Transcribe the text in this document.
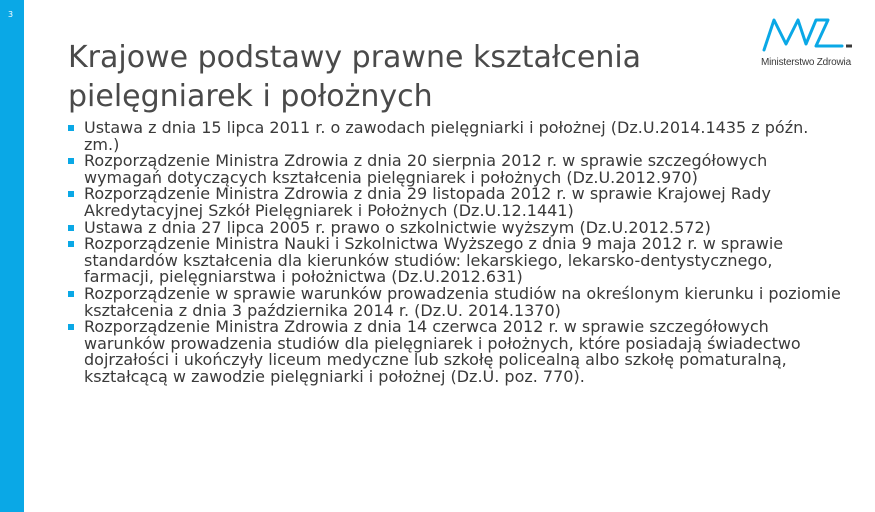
3
Krajowe podstawy prawne kształcenia
pielęgniarek i położnych
Ministerstwo Zdrowia
Ustawa z dnia 15 lipca 2011 r. o zawodach pielęgniarki i położnej (Dz.U.2014.1435 z późn. zm.)
Rozporządzenie Ministra Zdrowia z dnia 20 sierpnia 2012 r. w sprawie szczegółowych wymagań dotyczących kształcenia pielęgniarek i położnych (Dz.U.2012.970)
Rozporządzenie Ministra Zdrowia z dnia 29 listopada 2012 r. w sprawie Krajowej Rady Akredytacyjnej Szkół Pielęgniarek i Położnych (Dz.U.12.1441)
Ustawa z dnia 27 lipca 2005 r. prawo o szkolnictwie wyższym (Dz.U.2012.572)
Rozporządzenie Ministra Nauki i Szkolnictwa Wyższego z dnia 9 maja 2012 r. w sprawie standardów kształcenia dla kierunków studiów: lekarskiego, lekarsko-dentystycznego, farmacji, pielęgniarstwa i położnictwa (Dz.U.2012.631)
Rozporządzenie w sprawie warunków prowadzenia studiów na określonym kierunku i poziomie kształcenia z dnia 3 października 2014 r. (Dz.U. 2014.1370)
Rozporządzenie Ministra Zdrowia z dnia 14 czerwca 2012 r. w sprawie szczegółowych warunków prowadzenia studiów dla pielęgniarek i położnych, które posiadają świadectwo dojrzałości i ukończyły liceum medyczne lub szkołę policealną albo szkołę pomaturalną, kształcącą w zawodzie pielęgniarki i położnej (Dz.U. poz. 770).
